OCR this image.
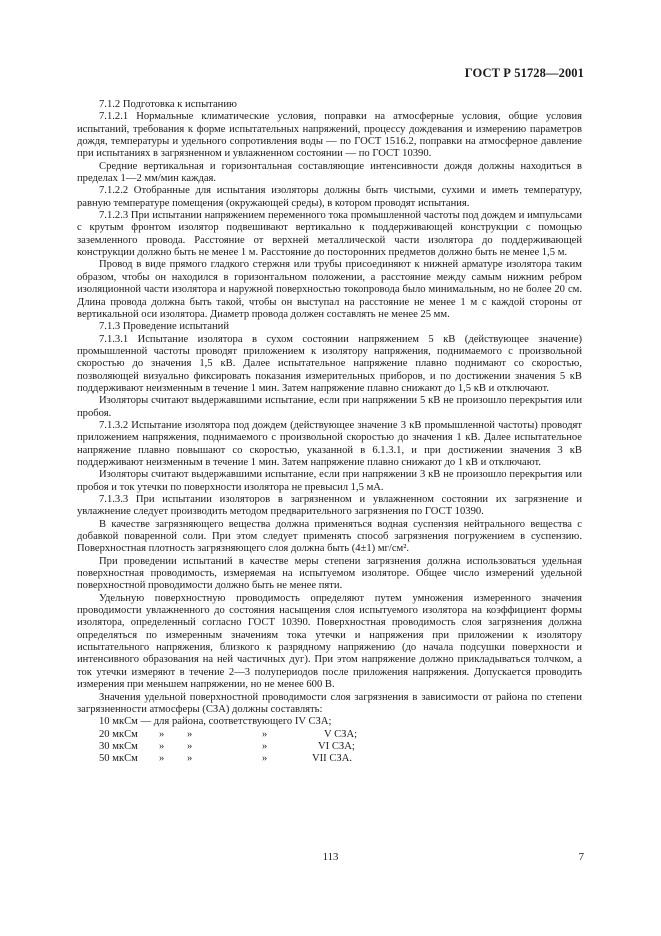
ГОСТ Р 51728—2001

7.1.2 Подготовка к испытанию

7.1.2.1 Нормальные климатические условия, поправки на атмосферные условия, общие условия испытаний, требования к форме испытательных напряжений, процессу дождевания и измерению параметров дождя, температуры и удельного сопротивления воды — по ГОСТ 1516.2, поправки на атмосферное давление при испытаниях в загрязненном и увлажненном состоянии — по ГОСТ 10390.

Средние вертикальная и горизонтальная составляющие интенсивности дождя должны находиться в пределах 1—2 мм/мин каждая.

7.1.2.2 Отобранные для испытания изоляторы должны быть чистыми, сухими и иметь температуру, равную температуре помещения (окружающей среды), в котором проводят испытания.

7.1.2.3 При испытании напряжением переменного тока промышленной частоты под дождем и импульсами с крутым фронтом изолятор подвешивают вертикально к поддерживающей конструкции с помощью заземленного провода. Расстояние от верхней металлической части изолятора до поддерживающей конструкции должно быть не менее 1 м. Расстояние до посторонних предметов должно быть не менее 1,5 м.

Провод в виде прямого гладкого стержня или трубы присоединяют к нижней арматуре изолятора таким образом, чтобы он находился в горизонтальном положении, а расстояние между самым нижним ребром изоляционной части изолятора и наружной поверхностью токопровода было минимальным, но не более 20 см. Длина провода должна быть такой, чтобы он выступал на расстояние не менее 1 м с каждой стороны от вертикальной оси изолятора. Диаметр провода должен составлять не менее 25 мм.

7.1.3 Проведение испытаний

7.1.3.1 Испытание изолятора в сухом состоянии напряжением 5 кВ (действующее значение) промышленной частоты проводят приложением к изолятору напряжения, поднимаемого с произвольной скоростью до значения 1,5 кВ. Далее испытательное напряжение плавно поднимают со скоростью, позволяющей визуально фиксировать показания измерительных приборов, и по достижении значения 5 кВ поддерживают неизменным в течение 1 мин. Затем напряжение плавно снижают до 1,5 кВ и отключают.

Изоляторы считают выдержавшими испытание, если при напряжении 5 кВ не произошло перекрытия или пробоя.

7.1.3.2 Испытание изолятора под дождем (действующее значение 3 кВ промышленной частоты) проводят приложением напряжения, поднимаемого с произвольной скоростью до значения 1 кВ. Далее испытательное напряжение плавно повышают со скоростью, указанной в 6.1.3.1, и при достижении значения 3 кВ поддерживают неизменным в течение 1 мин. Затем напряжение плавно снижают до 1 кВ и отключают.

Изоляторы считают выдержавшими испытание, если при напряжении 3 кВ не произошло перекрытия или пробоя и ток утечки по поверхности изолятора не превысил 1,5 мА.

7.1.3.3 При испытании изоляторов в загрязненном и увлажненном состоянии их загрязнение и увлажнение следует производить методом предварительного загрязнения по ГОСТ 10390.

В качестве загрязняющего вещества должна применяться водная суспензия нейтрального вещества с добавкой поваренной соли. При этом следует применять способ загрязнения погружением в суспензию. Поверхностная плотность загрязняющего слоя должна быть (4±1) мг/см².

При проведении испытаний в качестве меры степени загрязнения должна использоваться удельная поверхностная проводимость, измеряемая на испытуемом изоляторе. Общее число измерений удельной поверхностной проводимости должно быть не менее пяти.

Удельную поверхностную проводимость определяют путем умножения измеренного значения проводимости увлажненного до состояния насыщения слоя испытуемого изолятора на коэффициент формы изолятора, определенный согласно ГОСТ 10390. Поверхностная проводимость слоя загрязнения должна определяться по измеренным значениям тока утечки и напряжения при приложении к изолятору испытательного напряжения, близкого к разрядному напряжению (до начала подсушки поверхности и интенсивного образования на ней частичных дуг). При этом напряжение должно прикладываться толчком, а ток утечки измеряют в течение 2—3 полупериодов после приложения напряжения. Допускается проводить измерения при меньшем напряжении, но не менее 600 В.

Значения удельной поверхностной проводимости слоя загрязнения в зависимости от района по степени загрязненности атмосферы (СЗА) должны составлять:

10 мкСм — для района, соответствующего IV СЗА;

20 мкСм	»	»	»	V СЗА;
30 мкСм	»	»	»	VI СЗА;
50 мкСм	»	»	»	VII СЗА.
113	7
